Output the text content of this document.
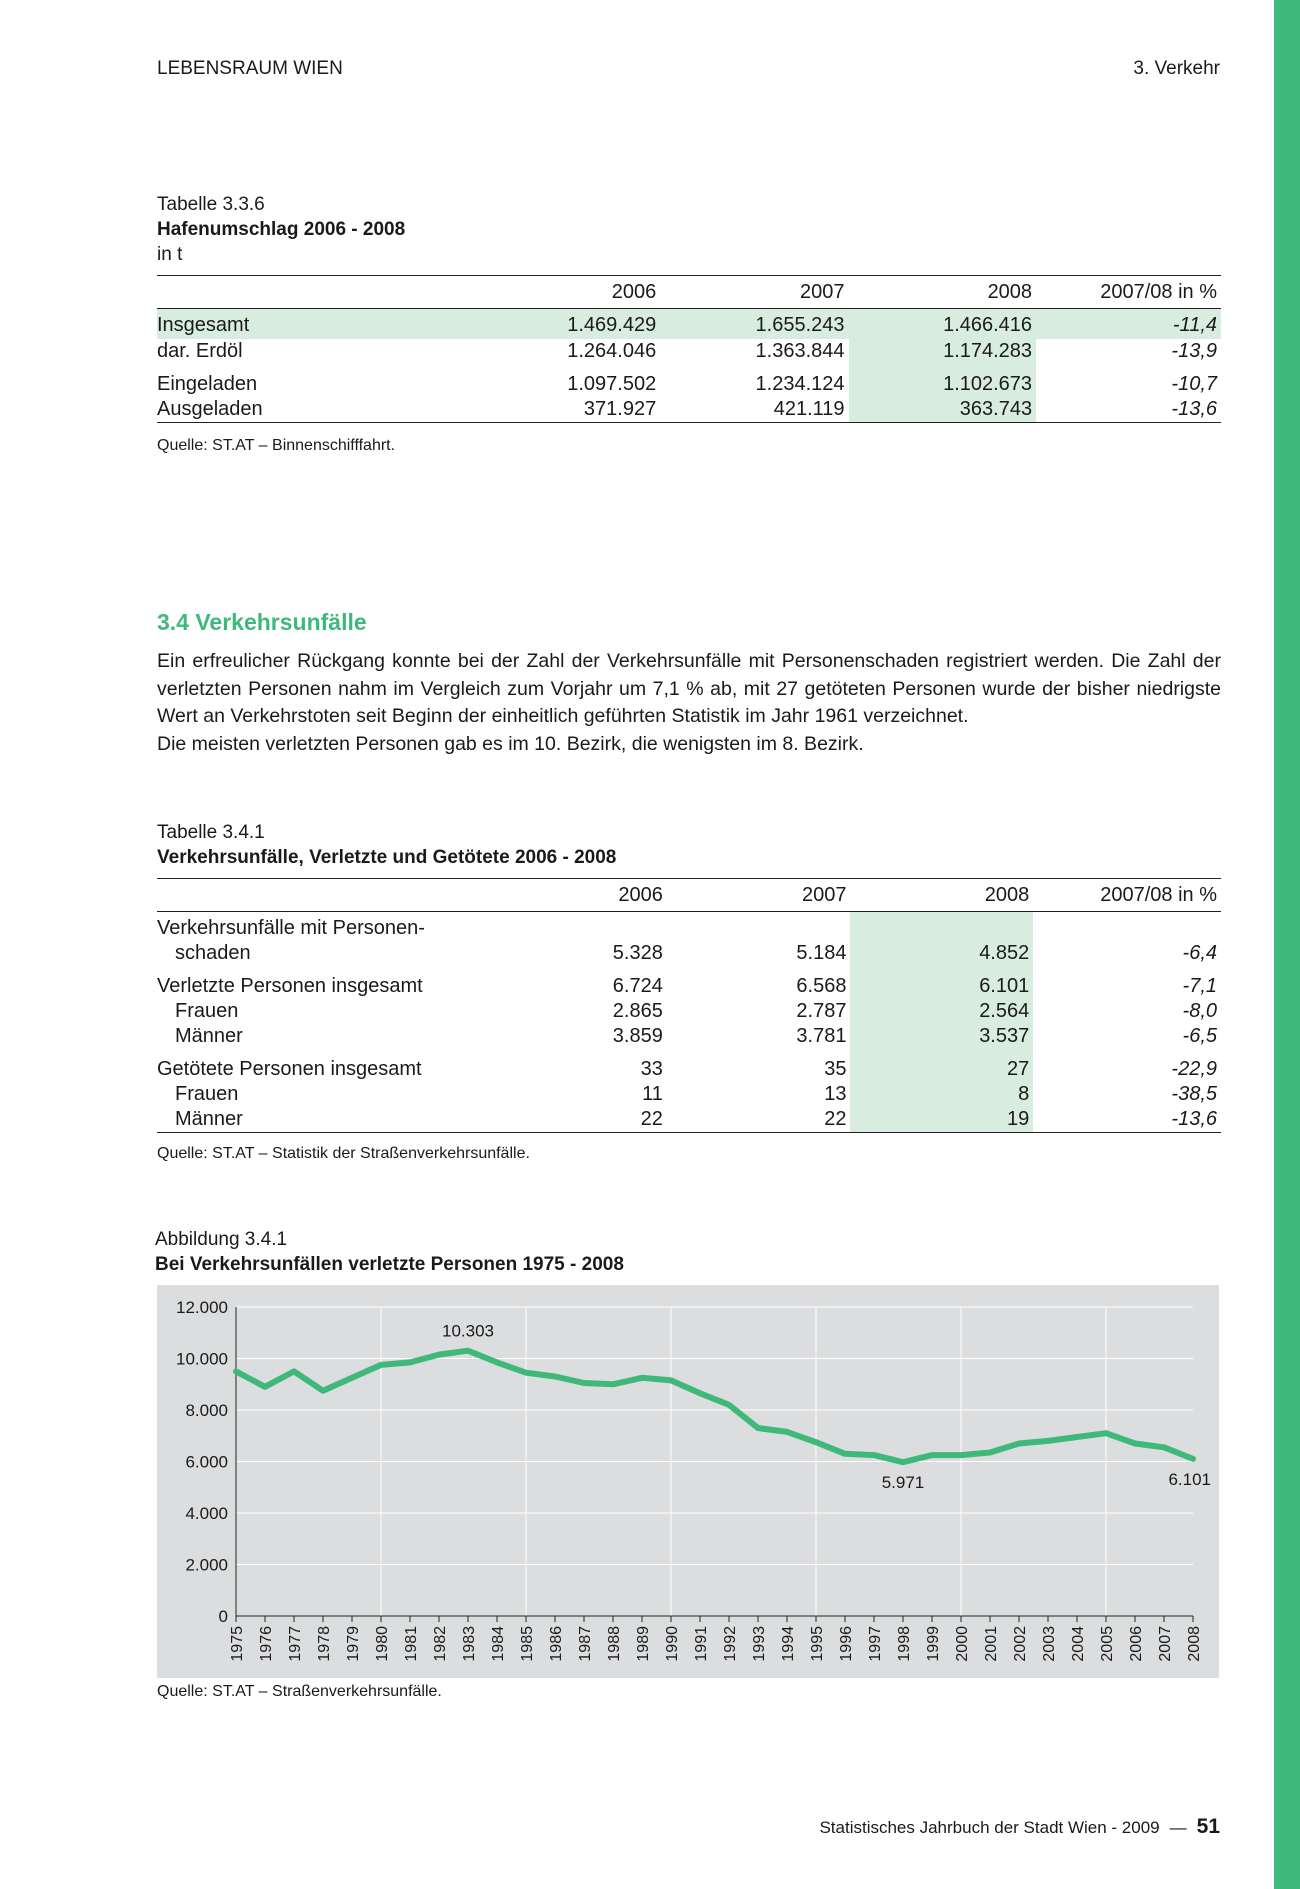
LEBENSRAUM WIEN	3. Verkehr
Tabelle 3.3.6
Hafenumschlag 2006 - 2008
in t
	2006	2007	2008	2007/08 in %
Insgesamt	1.469.429	1.655.243	1.466.416	-11,4
dar. Erdöl	1.264.046	1.363.844	1.174.283	-13,9

Eingeladen	1.097.502	1.234.124	1.102.673	-10,7
Ausgeladen	371.927	421.119	363.743	-13,6
Quelle: ST.AT – Binnenschifffahrt.
3.4 Verkehrsunfälle

Ein erfreulicher Rückgang konnte bei der Zahl der Verkehrsunfälle mit Personenschaden registriert werden. Die Zahl der verletzten Personen nahm im Vergleich zum Vorjahr um 7,1 % ab, mit 27 getöteten Personen wurde der bisher niedrigste Wert an Verkehrstoten seit Beginn der einheitlich geführten Statistik im Jahr 1961 verzeichnet.

Die meisten verletzten Personen gab es im 10. Bezirk, die wenigsten im 8. Bezirk.

Tabelle 3.4.1
Verkehrsunfälle, Verletzte und Getötete 2006 - 2008
	2006	2007	2008	2007/08 in %
Verkehrsunfälle mit Personen-				
schaden	5.328	5.184	4.852	-6,4

Verletzte Personen insgesamt	6.724	6.568	6.101	-7,1
Frauen	2.865	2.787	2.564	-8,0
Männer	3.859	3.781	3.537	-6,5

Getötete Personen insgesamt	33	35	27	-22,9
Frauen	11	13	8	-38,5
Männer	22	22	19	-13,6
Quelle: ST.AT – Statistik der Straßenverkehrsunfälle.
Abbildung 3.4.1
Bei Verkehrsunfällen verletzte Personen 1975 - 2008
0
2.000
4.000
6.000
8.000
10.000
12.000
1975 1976 1977 1978 1979 1980 1981 1982 1983 1984 1985 1986 1987 1988 1989 1990 1991 1992 1993 1994 1995 1996 1997 1998 1999 2000 2001 2002 2003 2004 2005 2006 2007 2008
10.303
5.971	6.101
Quelle: ST.AT – Straßenverkehrsunfälle.
Statistisches Jahrbuch der Stadt Wien - 2009 — 51
